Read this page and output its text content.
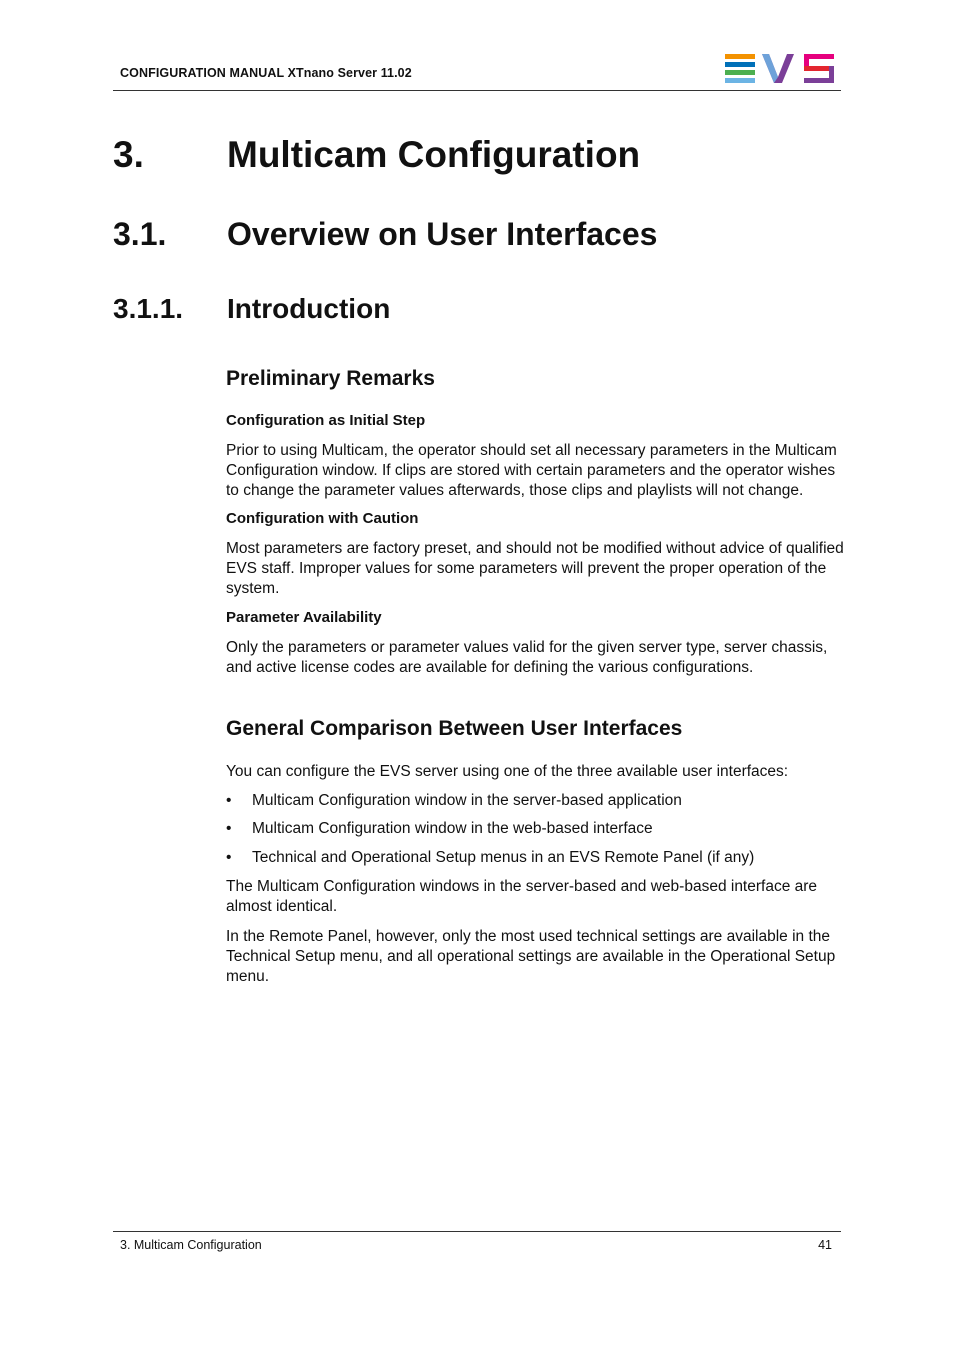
CONFIGURATION MANUAL XTnano Server 11.02
3. Multicam Configuration
3.1. Overview on User Interfaces
3.1.1. Introduction
Preliminary Remarks
Configuration as Initial Step
Prior to using Multicam, the operator should set all necessary parameters in the Multicam Configuration window. If clips are stored with certain parameters and the operator wishes to change the parameter values afterwards, those clips and playlists will not change.
Configuration with Caution
Most parameters are factory preset, and should not be modified without advice of qualified EVS staff. Improper values for some parameters will prevent the proper operation of the system.
Parameter Availability
Only the parameters or parameter values valid for the given server type, server chassis, and active license codes are available for defining the various configurations.
General Comparison Between User Interfaces
You can configure the EVS server using one of the three available user interfaces:
• Multicam Configuration window in the server-based application
• Multicam Configuration window in the web-based interface
• Technical and Operational Setup menus in an EVS Remote Panel (if any)
The Multicam Configuration windows in the server-based and web-based interface are almost identical.
In the Remote Panel, however, only the most used technical settings are available in the Technical Setup menu, and all operational settings are available in the Operational Setup menu.
3. Multicam Configuration	41
